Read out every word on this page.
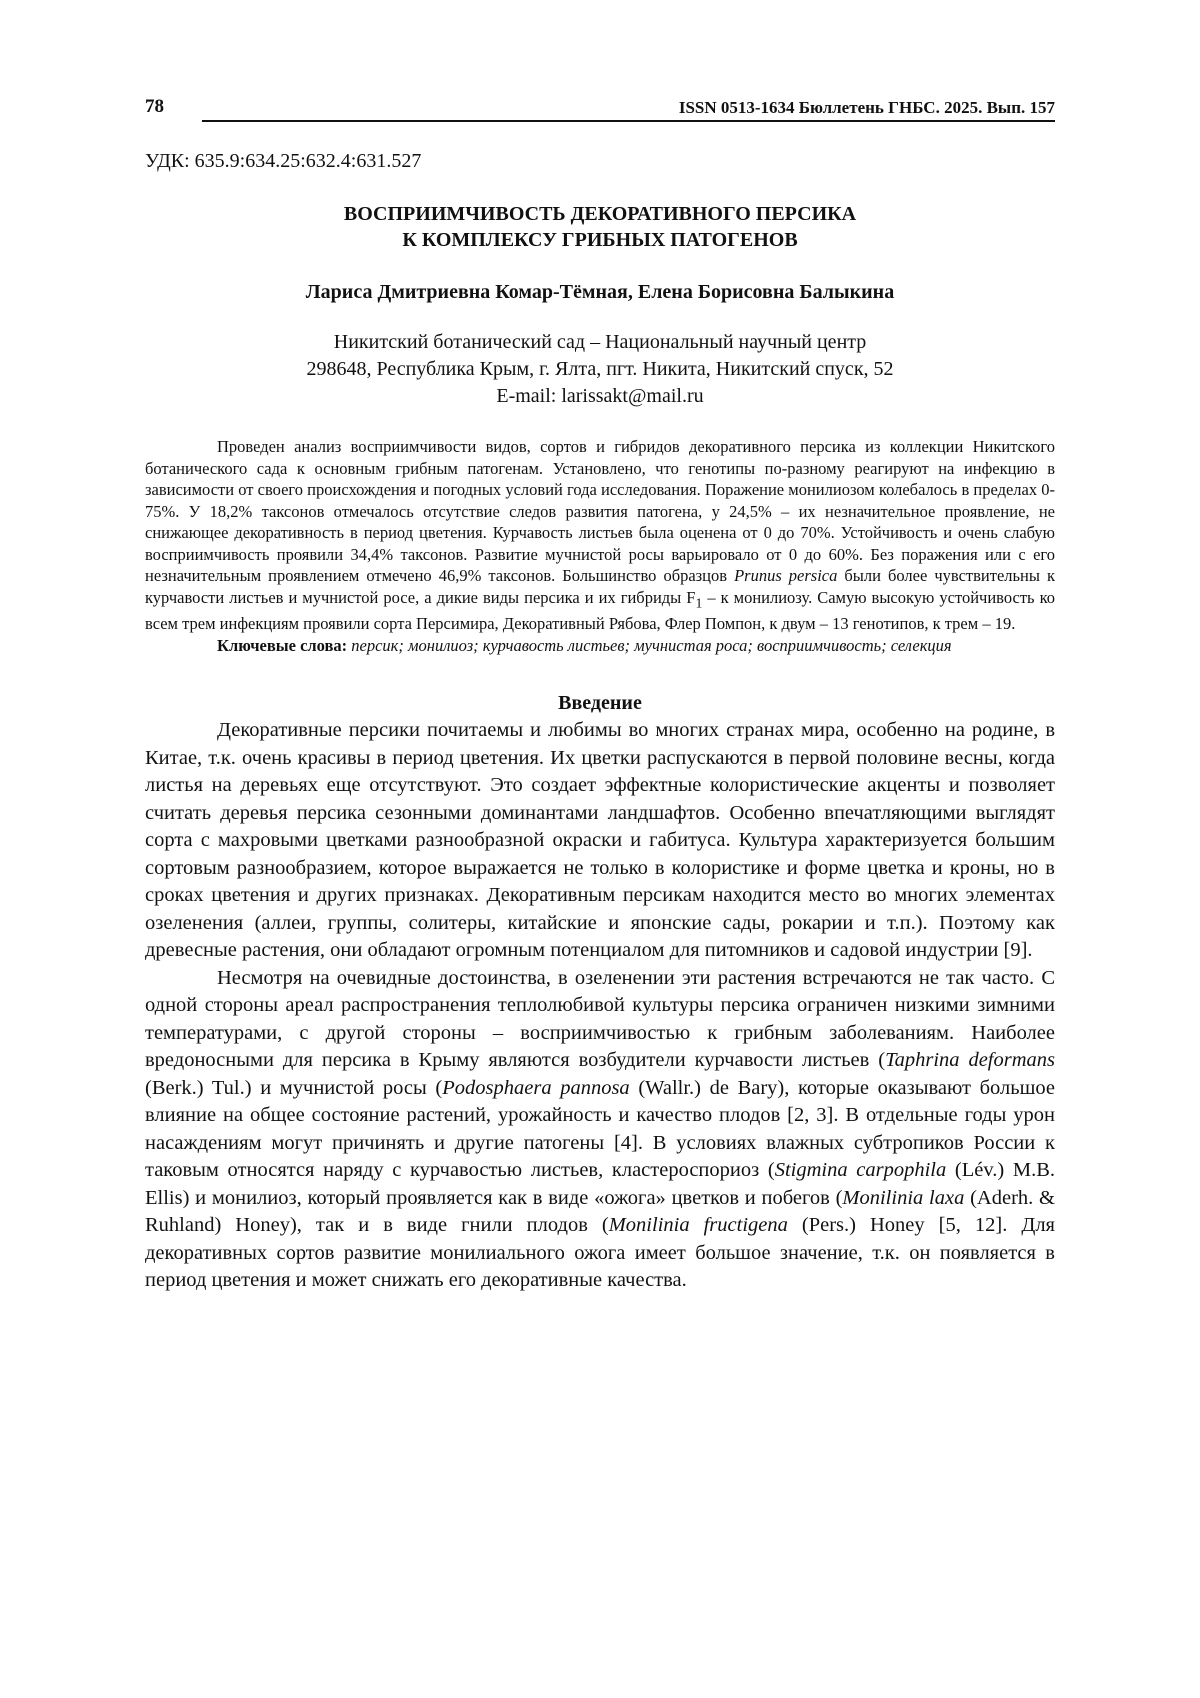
78	ISSN 0513-1634 Бюллетень ГНБС. 2025. Вып. 157
УДК: 635.9:634.25:632.4:631.527
ВОСПРИИМЧИВОСТЬ ДЕКОРАТИВНОГО ПЕРСИКА
К КОМПЛЕКСУ ГРИБНЫХ ПАТОГЕНОВ
Лариса Дмитриевна Комар-Тёмная, Елена Борисовна Балыкина
Никитский ботанический сад – Национальный научный центр
298648, Республика Крым, г. Ялта, пгт. Никита, Никитский спуск, 52
E-mail: larissakt@mail.ru

Проведен анализ восприимчивости видов, сортов и гибридов декоративного персика из коллекции Никитского ботанического сада к основным грибным патогенам. Установлено, что генотипы по-разному реагируют на инфекцию в зависимости от своего происхождения и погодных условий года исследования. Поражение монилиозом колебалось в пределах 0-75%. У 18,2% таксонов отмечалось отсутствие следов развития патогена, у 24,5% – их незначительное проявление, не снижающее декоративность в период цветения. Курчавость листьев была оценена от 0 до 70%. Устойчивость и очень слабую восприимчивость проявили 34,4% таксонов. Развитие мучнистой росы варьировало от 0 до 60%. Без поражения или с его незначительным проявлением отмечено 46,9% таксонов. Большинство образцов Prunus persica были более чувствительны к курчавости листьев и мучнистой росе, а дикие виды персика и их гибриды $F_1$ – к монилиозу. Самую высокую устойчивость ко всем трем инфекциям проявили сорта Персимира, Декоративный Рябова, Флер Помпон, к двум – 13 генотипов, к трем – 19.

Ключевые слова: персик; монилиоз; курчавость листьев; мучнистая роса; восприимчивость; селекция

Введение

Декоративные персики почитаемы и любимы во многих странах мира, особенно на родине, в Китае, т.к. очень красивы в период цветения. Их цветки распускаются в первой половине весны, когда листья на деревьях еще отсутствуют. Это создает эффектные колористические акценты и позволяет считать деревья персика сезонными доминантами ландшафтов. Особенно впечатляющими выглядят сорта с махровыми цветками разнообразной окраски и габитуса. Культура характеризуется большим сортовым разнообразием, которое выражается не только в колористике и форме цветка и кроны, но в сроках цветения и других признаках. Декоративным персикам находится место во многих элементах озеленения (аллеи, группы, солитеры, китайские и японские сады, рокарии и т.п.). Поэтому как древесные растения, они обладают огромным потенциалом для питомников и садовой индустрии [9].

Несмотря на очевидные достоинства, в озеленении эти растения встречаются не так часто. С одной стороны ареал распространения теплолюбивой культуры персика ограничен низкими зимними температурами, с другой стороны – восприимчивостью к грибным заболеваниям. Наиболее вредоносными для персика в Крыму являются возбудители курчавости листьев (Taphrina deformans (Berk.) Tul.) и мучнистой росы (Podosphaera pannosa (Wallr.) de Bary), которые оказывают большое влияние на общее состояние растений, урожайность и качество плодов [2, 3]. В отдельные годы урон насаждениям могут причинять и другие патогены [4]. В условиях влажных субтропиков России к таковым относятся наряду с курчавостью листьев, кластероспориоз (Stigmina carpophila (Lév.) M.B. Ellis) и монилиоз, который проявляется как в виде «ожога» цветков и побегов (Monilinia laxa (Aderh. & Ruhland) Honey), так и в виде гнили плодов (Monilinia fructigena (Pers.) Honey [5, 12]. Для декоративных сортов развитие монилиального ожога имеет большое значение, т.к. он появляется в период цветения и может снижать его декоративные качества.
